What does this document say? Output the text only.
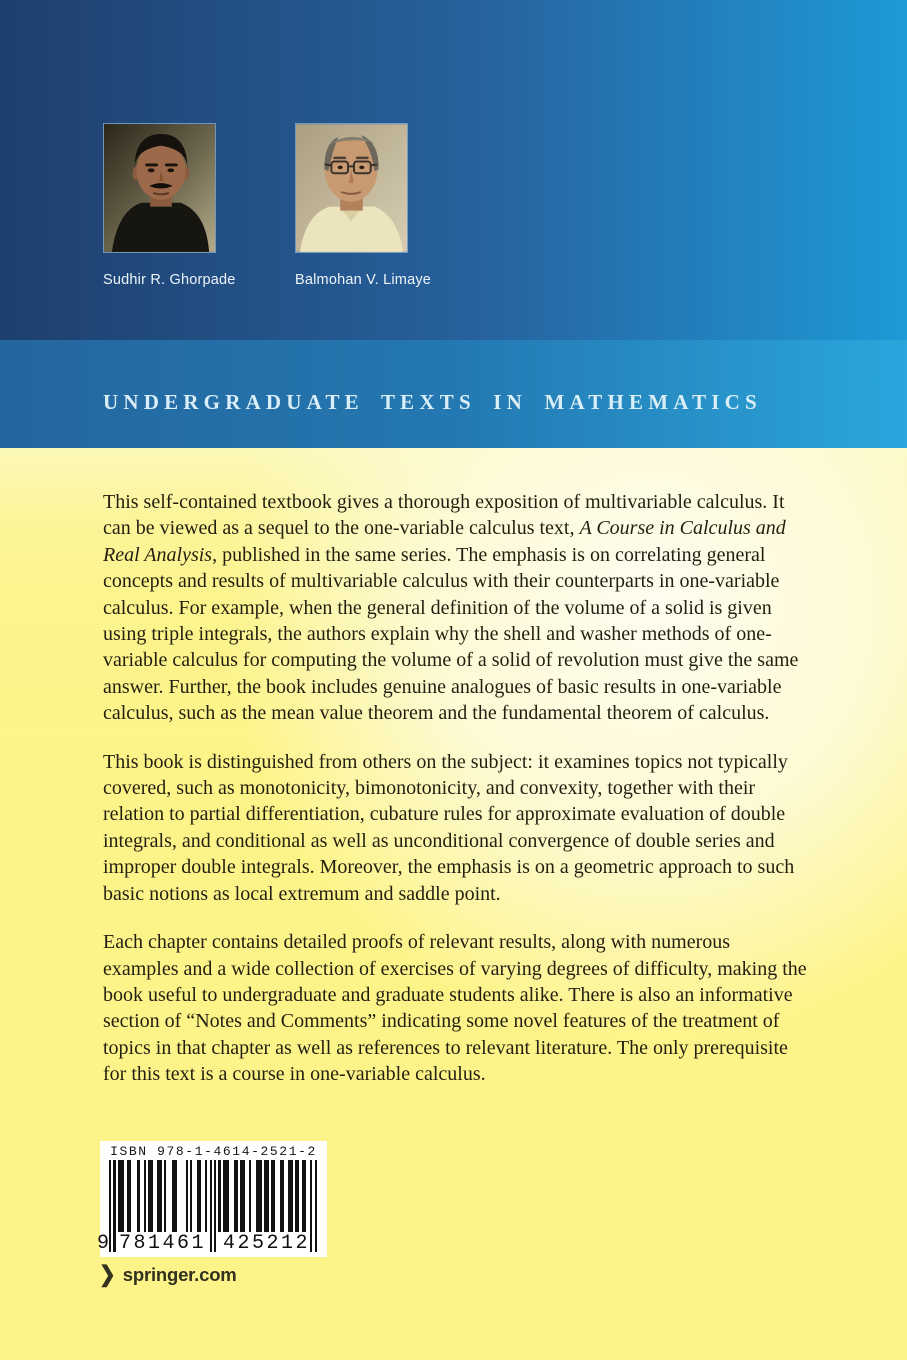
Sudhir R. Ghorpade	Balmohan V. Limaye
UNDERGRADUATE TEXTS IN MATHEMATICS

This self-contained textbook gives a thorough exposition of multivariable calculus. It can be viewed as a sequel to the one-variable calculus text, A Course in Calculus and Real Analysis, published in the same series. The emphasis is on correlating general concepts and results of multivariable calculus with their counterparts in one-variable calculus. For example, when the general definition of the volume of a solid is given using triple integrals, the authors explain why the shell and washer methods of one-variable calculus for computing the volume of a solid of revolution must give the same answer. Further, the book includes genuine analogues of basic results in one-variable calculus, such as the mean value theorem and the fundamental theorem of calculus.

This book is distinguished from others on the subject: it examines topics not typically covered, such as monotonicity, bimonotonicity, and convexity, together with their relation to partial differentiation, cubature rules for approximate evaluation of double integrals, and conditional as well as unconditional convergence of double series and improper double integrals. Moreover, the emphasis is on a geometric approach to such basic notions as local extremum and saddle point.

Each chapter contains detailed proofs of relevant results, along with numerous examples and a wide collection of exercises of varying degrees of difficulty, making the book useful to undergraduate and graduate students alike. There is also an informative section of “Notes and Comments” indicating some novel features of the treatment of topics in that chapter as well as references to relevant literature. The only prerequisite for this text is a course in one-variable calculus.

ISBN 978-1-4614-2521-2
9 781461 425212
❯ springer.com
